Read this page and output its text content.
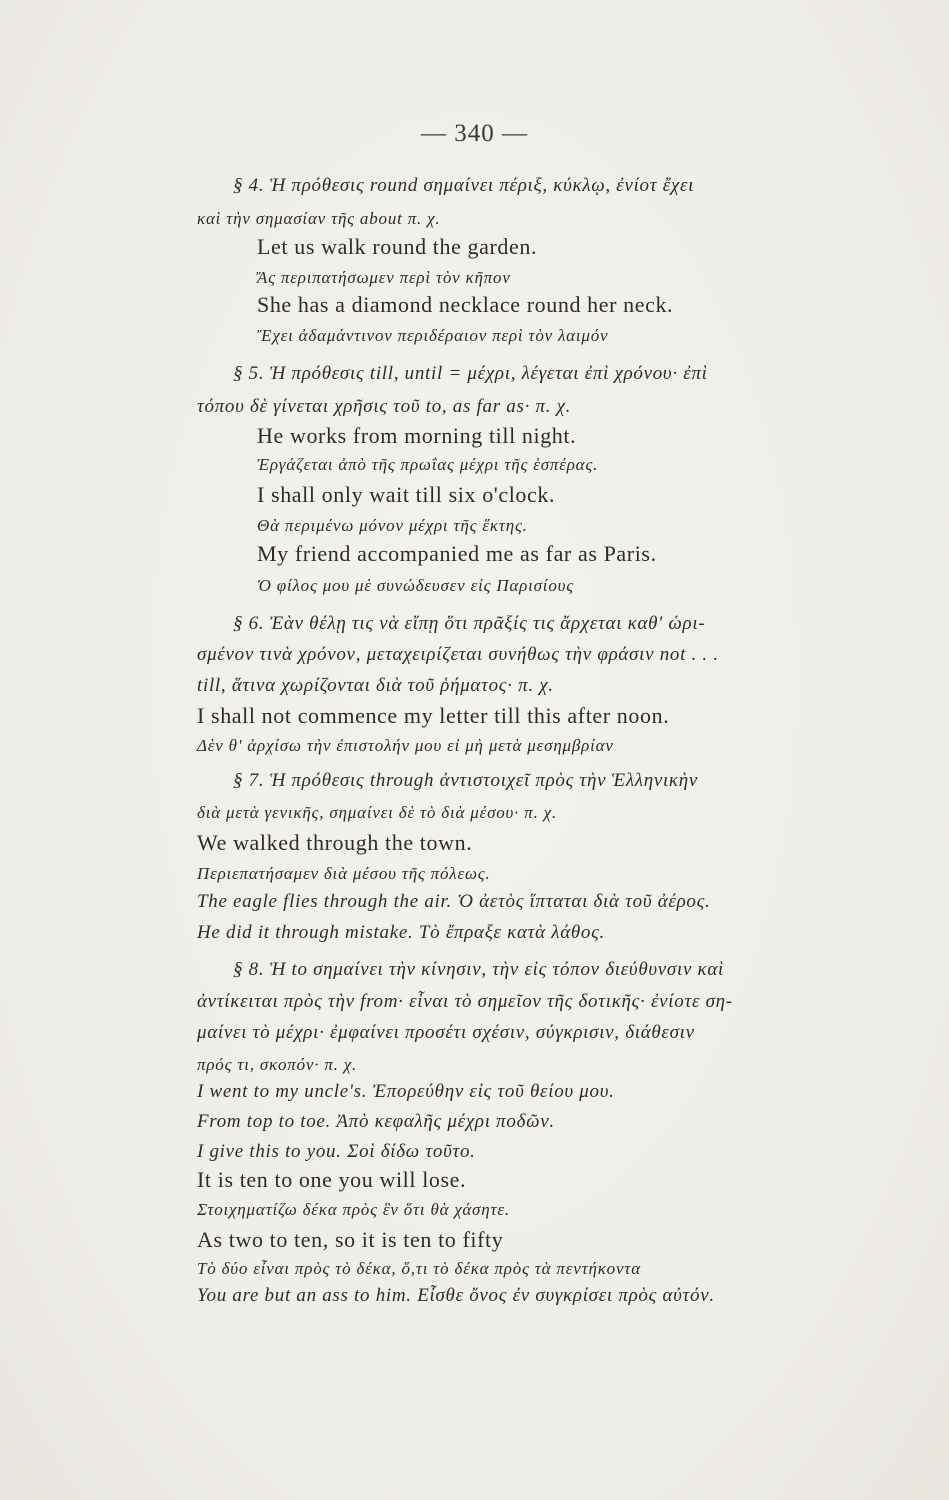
— 340 —
§ 4. Ἡ πρόθεσις round σημαίνει πέριξ, κύκλῳ, ἐνίοτ ἔχει
καὶ τὴν σημασίαν τῆς about π. χ.
Let us walk round the garden.
Ἄς περιπατήσωμεν περὶ τὸν κῆπον
She has a diamond necklace round her neck.
Ἔχει ἀδαμάντινον περιδέραιον περὶ τὸν λαιμόν
§ 5. Ἡ πρόθεσις till, until = μέχρι, λέγεται ἐπὶ χρόνου· ἐπὶ
τόπου δὲ γίνεται χρῆσις τοῦ to, as far as· π. χ.
He works from morning till night.
Ἐργάζεται ἀπὸ τῆς πρωΐας μέχρι τῆς ἑσπέρας.
I shall only wait till six o'clock.
Θὰ περιμένω μόνον μέχρι τῆς ἕκτης.
My friend accompanied me as far as Paris.
Ὁ φίλος μου μὲ συνώδευσεν εἰς Παρισίους
§ 6. Ἐὰν θέλῃ τις νὰ εἴπῃ ὅτι πρᾶξίς τις ἄρχεται καθ' ὡρι-
σμένον τινὰ χρόνον, μεταχειρίζεται συνήθως τὴν φράσιν not . . .
till, ἅτινα χωρίζονται διὰ τοῦ ῥήματος· π. χ.
I shall not commence my letter till this after noon.
Δὲν θ' ἀρχίσω τὴν ἐπιστολήν μου εἰ μὴ μετὰ μεσημβρίαν
§ 7. Ἡ πρόθεσις through ἀντιστοιχεῖ πρὸς τὴν Ἑλληνικὴν
διὰ μετὰ γενικῆς, σημαίνει δὲ τὸ διὰ μέσου· π. χ.
We walked through the town.
Περιεπατήσαμεν διὰ μέσου τῆς πόλεως.
The eagle flies through the air. Ὁ ἀετὸς ἵπταται διὰ τοῦ ἀέρος.
He did it through mistake. Τὸ ἔπραξε κατὰ λάθος.
§ 8. Ἡ to σημαίνει τὴν κίνησιν, τὴν εἰς τόπον διεύθυνσιν καὶ
ἀντίκειται πρὸς τὴν from· εἶναι τὸ σημεῖον τῆς δοτικῆς· ἐνίοτε ση-
μαίνει τὸ μέχρι· ἐμφαίνει προσέτι σχέσιν, σύγκρισιν, διάθεσιν
πρός τι, σκοπόν· π. χ.
I went to my uncle's. Ἐπορεύθην εἰς τοῦ θείου μου.
From top to toe. Ἀπὸ κεφαλῆς μέχρι ποδῶν.
I give this to you. Σοὶ δίδω τοῦτο.
It is ten to one you will lose.
Στοιχηματίζω δέκα πρὸς ἓν ὅτι θὰ χάσητε.
As two to ten, so it is ten to fifty
Τὸ δύο εἶναι πρὸς τὸ δέκα, ὅ,τι τὸ δέκα πρὸς τὰ πεντήκοντα
You are but an ass to him. Εἶσθε ὄνος ἐν συγκρίσει πρὸς αὐτόν.
